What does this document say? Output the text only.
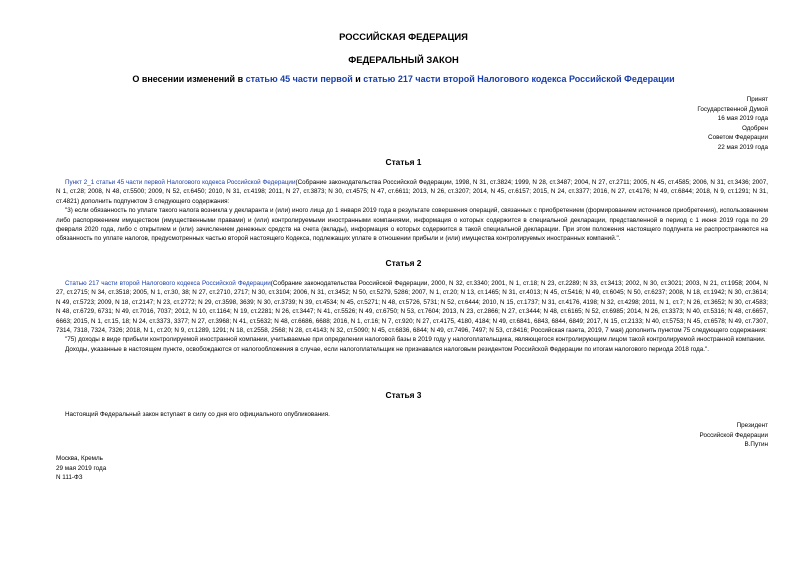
РОССИЙСКАЯ ФЕДЕРАЦИЯ
ФЕДЕРАЛЬНЫЙ ЗАКОН
О внесении изменений в статью 45 части первой и статью 217 части второй Налогового кодекса Российской Федерации
Принят
Государственной Думой
16 мая 2019 года
Одобрен
Советом Федерации
22 мая 2019 года
Статья 1

Пункт 2_1 статьи 45 части первой Налогового кодекса Российской Федерации(Собрание законодательства Российской Федерации, 1998, N 31, ст.3824; 1999, N 28, ст.3487; 2004, N 27, ст.2711; 2005, N 45, ст.4585; 2006, N 31, ст.3436; 2007, N 1, ст.28; 2008, N 48, ст.5500; 2009, N 52, ст.6450; 2010, N 31, ст.4198; 2011, N 27, ст.3873; N 30, ст.4575; N 47, ст.6611; 2013, N 26, ст.3207; 2014, N 45, ст.6157; 2015, N 24, ст.3377; 2016, N 27, ст.4176; N 49, ст.6844; 2018, N 9, ст.1291; N 31, ст.4821) дополнить подпунктом 3 следующего содержания:

"3) если обязанность по уплате такого налога возникла у декларанта и (или) иного лица до 1 января 2019 года в результате совершения операций, связанных с приобретением (формированием источников приобретения), использованием либо распоряжением имуществом (имущественными правами) и (или) контролируемыми иностранными компаниями, информация о которых содержится в специальной декларации, представленной в период с 1 июня 2019 года по 29 февраля 2020 года, либо с открытием и (или) зачислением денежных средств на счета (вклады), информация о которых содержится в такой специальной декларации. При этом положения настоящего подпункта не распространяются на обязанность по уплате налогов, предусмотренных частью второй настоящего Кодекса, подлежащих уплате в отношении прибыли и (или) имущества контролируемых иностранных компаний.".

Статья 2

Статью 217 части второй Налогового кодекса Российской Федерации(Собрание законодательства Российской Федерации, 2000, N 32, ст.3340; 2001, N 1, ст.18; N 23, ст.2289; N 33, ст.3413; 2002, N 30, ст.3021; 2003, N 21, ст.1958; 2004, N 27, ст.2715; N 34, ст.3518; 2005, N 1, ст.30, 38; N 27, ст.2710, 2717; N 30, ст.3104; 2006, N 31, ст.3452; N 50, ст.5279, 5286; 2007, N 1, ст.20; N 13, ст.1465; N 31, ст.4013; N 45, ст.5416; N 49, ст.6045; N 50, ст.6237; 2008, N 18, ст.1942; N 30, ст.3614; N 49, ст.5723; 2009, N 18, ст.2147; N 23, ст.2772; N 29, ст.3598, 3639; N 30, ст.3739; N 39, ст.4534; N 45, ст.5271; N 48, ст.5726, 5731; N 52, ст.6444; 2010, N 15, ст.1737; N 31, ст.4176, 4198; N 32, ст.4298; 2011, N 1, ст.7; N 26, ст.3652; N 30, ст.4583; N 48, ст.6729, 6731; N 49, ст.7016, 7037; 2012, N 10, ст.1164; N 19, ст.2281; N 26, ст.3447; N 41, ст.5526; N 49, ст.6750; N 53, ст.7604; 2013, N 23, ст.2866; N 27, ст.3444; N 48, ст.6165; N 52, ст.6985; 2014, N 26, ст.3373; N 40, ст.5316; N 48, ст.6657, 6663; 2015, N 1, ст.15, 18; N 24, ст.3373, 3377; N 27, ст.3968; N 41, ст.5632; N 48, ст.6686, 6688; 2016, N 1, ст.16; N 7, ст.920; N 27, ст.4175, 4180, 4184; N 49, ст.6841, 6843, 6844, 6849; 2017, N 15, ст.2133; N 40, ст.5753; N 45, ст.6578; N 49, ст.7307, 7314, 7318, 7324, 7326; 2018, N 1, ст.20; N 9, ст.1289, 1291; N 18, ст.2558, 2568; N 28, ст.4143; N 32, ст.5090; N 45, ст.6836, 6844; N 49, ст.7496, 7497; N 53, ст.8416; Российская газета, 2019, 7 мая) дополнить пунктом 75 следующего содержания:

"75) доходы в виде прибыли контролируемой иностранной компании, учитываемые при определении налоговой базы в 2019 году у налогоплательщика, являющегося контролирующим лицом такой контролируемой иностранной компании.

Доходы, указанные в настоящем пункте, освобождаются от налогообложения в случае, если налогоплательщик не признавался налоговым резидентом Российской Федерации по итогам налогового периода 2018 года.".

Статья 3

Настоящий Федеральный закон вступает в силу со дня его официального опубликования.

Президент
Российской Федерации
В.Путин
Москва, Кремль
29 мая 2019 года
N 111-ФЗ
